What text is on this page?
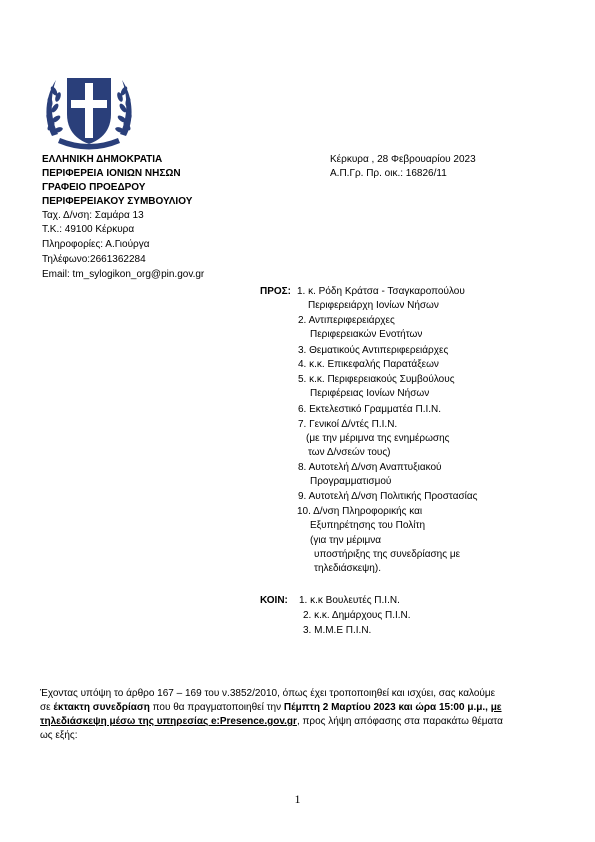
ΕΛΛΗΝΙΚΗ ΔΗΜΟΚΡΑΤΙΑ
ΠΕΡΙΦΕΡΕΙΑ ΙΟΝΙΩΝ ΝΗΣΩΝ
ΓΡΑΦΕΙΟ ΠΡΟΕΔΡΟΥ
ΠΕΡΙΦΕΡΕΙΑΚΟΥ ΣΥΜΒΟΥΛΙΟΥ
Ταχ. Δ/νση: Σαμάρα 13
Τ.Κ.: 49100 Κέρκυρα
Πληροφορίες: Α.Γιούργα
Τηλέφωνο:2661362284
Email: tm_sylogikon_org@pin.gov.gr
Κέρκυρα , 28 Φεβρουαρίου 2023
Α.Π.Γρ. Πρ. οικ.: 16826/11
ΠΡΟΣ: 1. κ. Ρόδη Κράτσα - Τσαγκαροπούλου
Περιφερειάρχη Ιονίων Νήσων
2. Αντιπεριφερειάρχες
Περιφερειακών Ενοτήτων
3. Θεματικούς Αντιπεριφερειάρχες
4. κ.κ. Επικεφαλής Παρατάξεων
5. κ.κ. Περιφερειακούς Συμβούλους
Περιφέρειας Ιονίων Νήσων
6. Εκτελεστικό Γραμματέα Π.Ι.Ν.
7. Γενικοί Δ/ντές Π.Ι.Ν.
(με την μέριμνα της ενημέρωσης
των Δ/νσεών τους)
8. Αυτοτελή Δ/νση Αναπτυξιακού
Προγραμματισμού
9. Αυτοτελή Δ/νση Πολιτικής Προστασίας
10. Δ/νση Πληροφορικής και
Εξυπηρέτησης του Πολίτη
(για την μέριμνα
υποστήριξης της συνεδρίασης με
τηλεδιάσκεψη).
ΚΟΙΝ: 1. κ.κ Βουλευτές Π.Ι.Ν.
2. κ.κ. Δημάρχους Π.Ι.Ν.
3. Μ.Μ.Ε Π.Ι.Ν.
Έχοντας υπόψη το άρθρο 167 – 169 του ν.3852/2010, όπως έχει τροποποιηθεί και ισχύει, σας καλούμε
σε έκτακτη συνεδρίαση που θα πραγματοποιηθεί την Πέμπτη 2 Μαρτίου 2023 και ώρα 15:00 μ.μ., με
τηλεδιάσκεψη μέσω της υπηρεσίας e:Presence.gov.gr, προς λήψη απόφασης στα παρακάτω θέματα
ως εξής:
1
